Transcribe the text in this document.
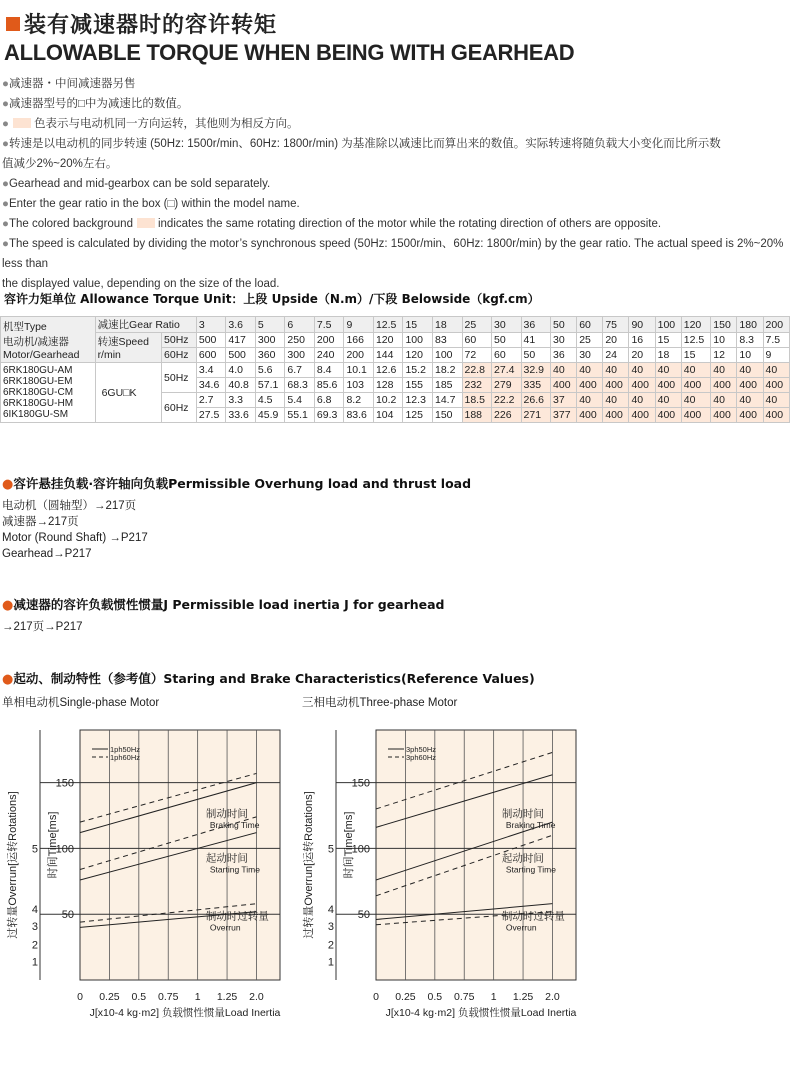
装有减速器时的容许转矩
ALLOWABLE TORQUE WHEN BEING WITH GEARHEAD

●减速器・中间减速器另售

●减速器型号的□中为减速比的数值。

● 色表示与电动机同一方向运转，其他则为相反方向。

●转速是以电动机的同步转速 (50Hz: 1500r/min、60Hz: 1800r/min) 为基准除以减速比而算出来的数值。实际转速将随负载大小变化而比所示数
值减少2%~20%左右。

●Gearhead and mid-gearbox can be sold separately.

●Enter the gear ratio in the box (□) within the model name.

●The colored background indicates the same rotating direction of the motor while the rotating direction of others are opposite.

●The speed is calculated by dividing the motor’s synchronous speed (50Hz: 1500r/min、60Hz: 1800r/min) by the gear ratio. The actual speed is 2%~20% less than
the displayed value, depending on the size of the load.

容许力矩单位 Allowance Torque Unit：上段 Upside（N.m）/下段 Belowside（kgf.cm）
机型Type
电动机/减速器
Motor/Gearhead	减速比Gear Ratio		3	3.6	5	6	7.5	9	12.5	15	18	25	30	36	50	60	75	90	100	120	150	180	200

	转速Speed
r/min	50Hz	500	417	300	250	200	166	120	100	83	60	50	41	30	25	20	16	15	12.5	10	8.3	7.5
		60Hz	600	500	360	300	240	200	144	120	100	72	60	50	36	30	24	20	18	15	12	10	9

6RK180GU-AM
6RK180GU-EM
6RK180GU-CM
6RK180GU-HM
6IK180GU-SM	6GU□K	50Hz	3.4	4.0	5.6	6.7	8.4	10.1	12.6	15.2	18.2	22.8	27.4	32.9	40	40	40	40	40	40	40	40	40
			34.6	40.8	57.1	68.3	85.6	103	128	155	185	232	279	335	400	400	400	400	400	400	400	400	400
		60Hz	2.7	3.3	4.5	5.4	6.8	8.2	10.2	12.3	14.7	18.5	22.2	26.6	37	40	40	40	40	40	40	40	40
			27.5	33.6	45.9	55.1	69.3	83.6	104	125	150	188	226	271	377	400	400	400	400	400	400	400	400
●容许悬挂负载·容许轴向负载Permissible Overhung load and thrust load
电动机（圆轴型）→217页
减速器→217页
Motor (Round Shaft) →P217
Gearhead→P217
●减速器的容许负载惯性惯量J Permissible load inertia J for gearhead
→217页→P217
●起动、制动特性（参考值）Staring and Brake Characteristics(Reference Values)
单相电动机Single-phase Motor	三相电动机Three-phase Motor
0 0.25 0.5 0.75 1 1.25 2.0
50
100
150
1
2
3
4
5
过转量Overrun[运转Rotations]	时间Time[ms]
J[x10-4 kg·m2] 负载惯性惯量Load Inertia
1ph50Hz
1ph60Hz
制动时间
Braking Time
起动时间
Starting Time
制动时过转量
Overrun
0 0.25 0.5 0.75 1 1.25 2.0
50
100
150
1
2
3
4
5
过转量Overrun[运转Rotations]	时间Time[ms]
J[x10-4 kg·m2] 负载惯性惯量Load Inertia
3ph50Hz
3ph60Hz
制动时间
Braking Time
起动时间
Starting Time
制动时过转量
Overrun
